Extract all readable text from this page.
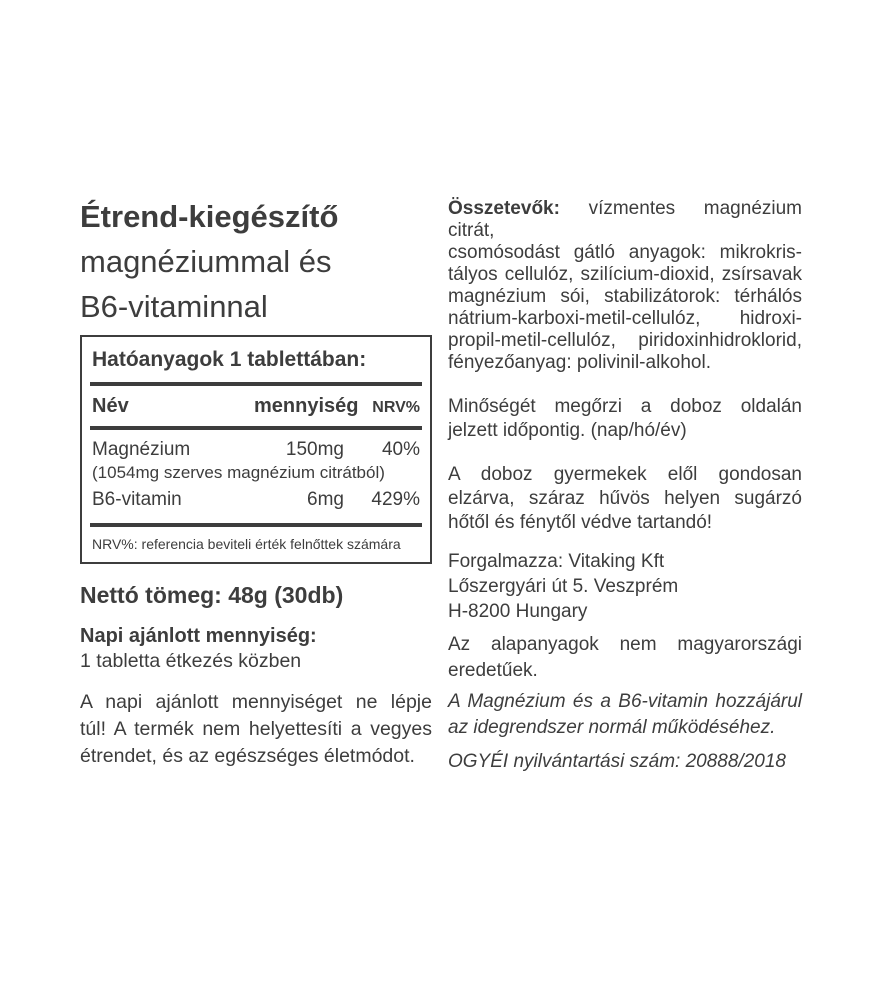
Étrend-kiegészítő
magnéziummal és
B6-vitaminnal
Hatóanyagok 1 tablettában:
Név	mennyiség NRV%
Magnézium	150mg	40%
(1054mg szerves magnézium citrátból)
B6-vitamin	6mg	429%
NRV%: referencia beviteli érték felnőttek számára
Nettó tömeg: 48g (30db)
Napi ajánlott mennyiség:
1 tabletta étkezés közben
A napi ajánlott mennyiséget ne lépje
túl! A termék nem helyettesíti a vegyes
étrendet, és az egészséges életmódot.
Összetevők: vízmentes magnézium citrát,
csomósodást gátló anyagok: mikrokris-
tályos cellulóz, szilícium-dioxid, zsírsavak
magnézium sói, stabilizátorok: térhálós
nátrium-karboxi-metil-cellulóz, hidroxi-
propil-metil-cellulóz, piridoxinhidroklorid,
fényezőanyag: polivinil-alkohol.
Minőségét megőrzi a doboz oldalán
jelzett időpontig. (nap/hó/év)
A doboz gyermekek elől gondosan
elzárva, száraz hűvös helyen sugárzó
hőtől és fénytől védve tartandó!
Forgalmazza: Vitaking Kft
Lőszergyári út 5. Veszprém
H-8200 Hungary
Az alapanyagok nem magyarországi
eredetűek.
A Magnézium és a B6-vitamin hozzájárul
az idegrendszer normál működéséhez.
OGYÉI nyilvántartási szám: 20888/2018
